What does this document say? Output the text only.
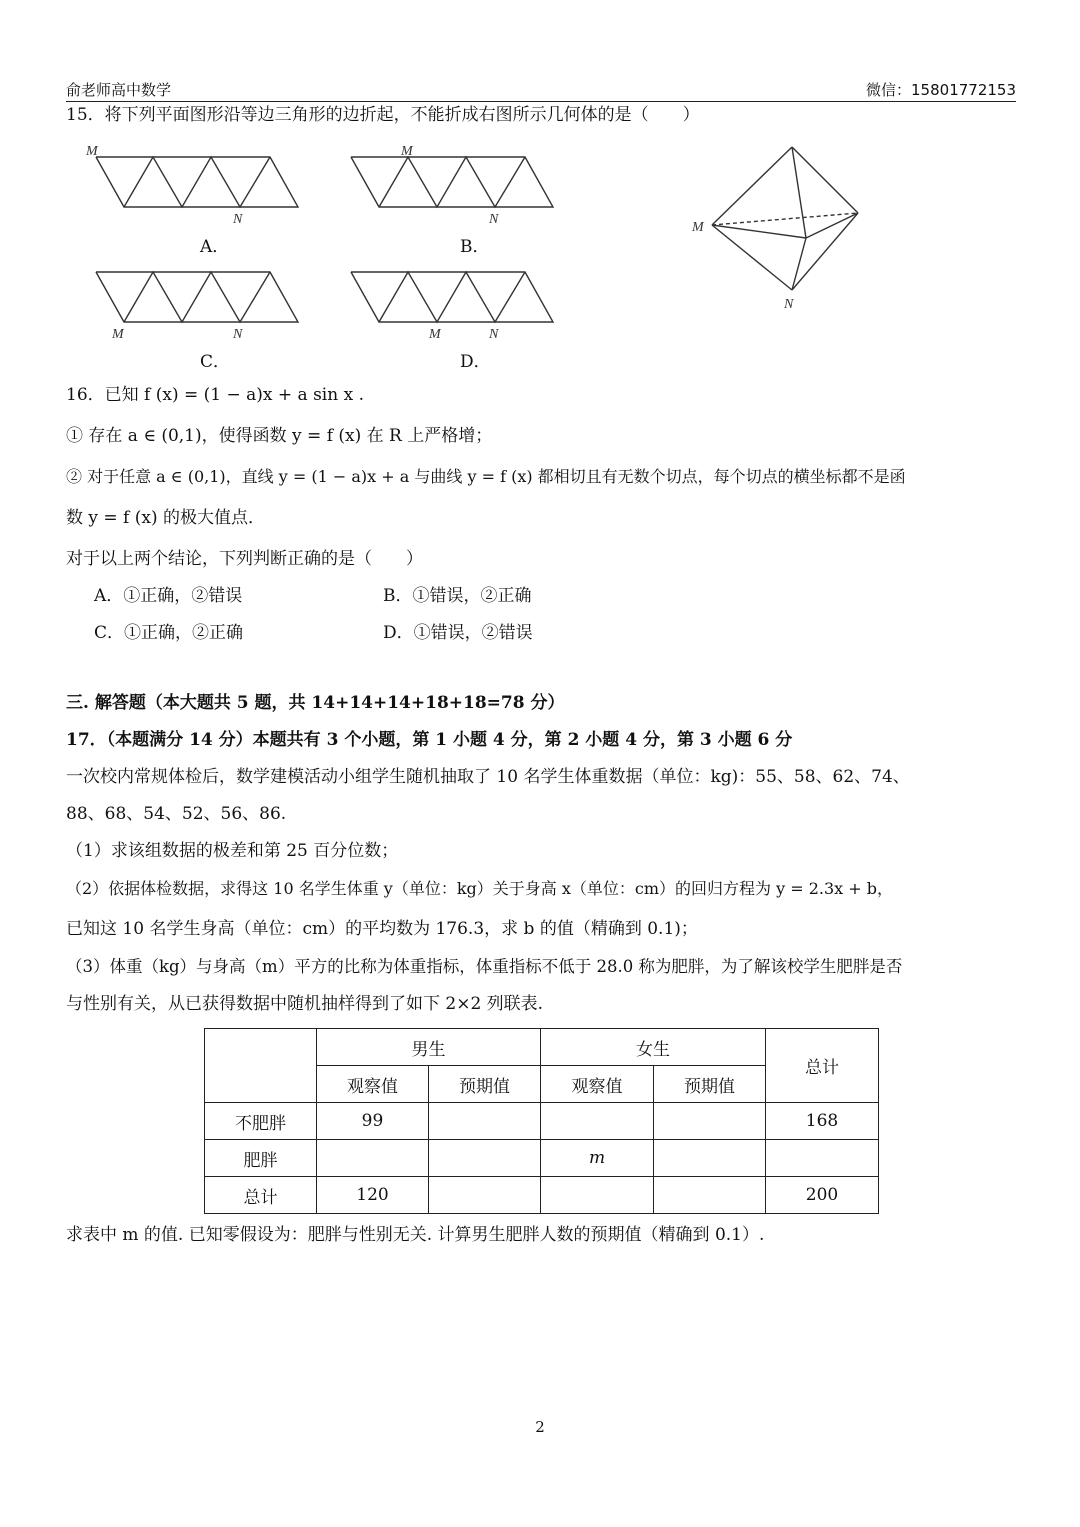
俞老师高中数学	微信：15801772153
15．将下列平面图形沿等边三角形的边折起，不能折成右图所示几何体的是（　　）
M
N
M
N
M	N	M	N
M
N
A．	B．
C．	D．
16．已知 f (x) = (1 − a)x + a sin x .
① 存在 a ∈ (0,1)，使得函数 y = f (x) 在 R 上严格增；
② 对于任意 a ∈ (0,1)，直线 y = (1 − a)x + a 与曲线 y = f (x) 都相切且有无数个切点，每个切点的横坐标都不是函
数 y = f (x) 的极大值点．
对于以上两个结论，下列判断正确的是（　　）
A．①正确，②错误	B．①错误，②正确
C．①正确，②正确	D．①错误，②错误
三. 解答题（本大题共 5 题，共 14+14+14+18+18=78 分）
17．（本题满分 14 分）本题共有 3 个小题，第 1 小题 4 分，第 2 小题 4 分，第 3 小题 6 分
一次校内常规体检后，数学建模活动小组学生随机抽取了 10 名学生体重数据（单位：kg)：55、58、62、74、
88、68、54、52、56、86.
（1）求该组数据的极差和第 25 百分位数；
（2）依据体检数据，求得这 10 名学生体重 y（单位：kg）关于身高 x（单位：cm）的回归方程为 y = 2.3x + b，
已知这 10 名学生身高（单位：cm）的平均数为 176.3，求 b 的值（精确到 0.1)；
（3）体重（kg）与身高（m）平方的比称为体重指标，体重指标不低于 28.0 称为肥胖，为了解该校学生肥胖是否
与性别有关，从已获得数据中随机抽样得到了如下 2×2 列联表.
	男生		女生		总计
	观察值	预期值	观察值	预期值	
不肥胖	99				168
肥胖			m		
总计	120				200
求表中 m 的值. 已知零假设为：肥胖与性别无关. 计算男生肥胖人数的预期值（精确到 0.1）.
2
